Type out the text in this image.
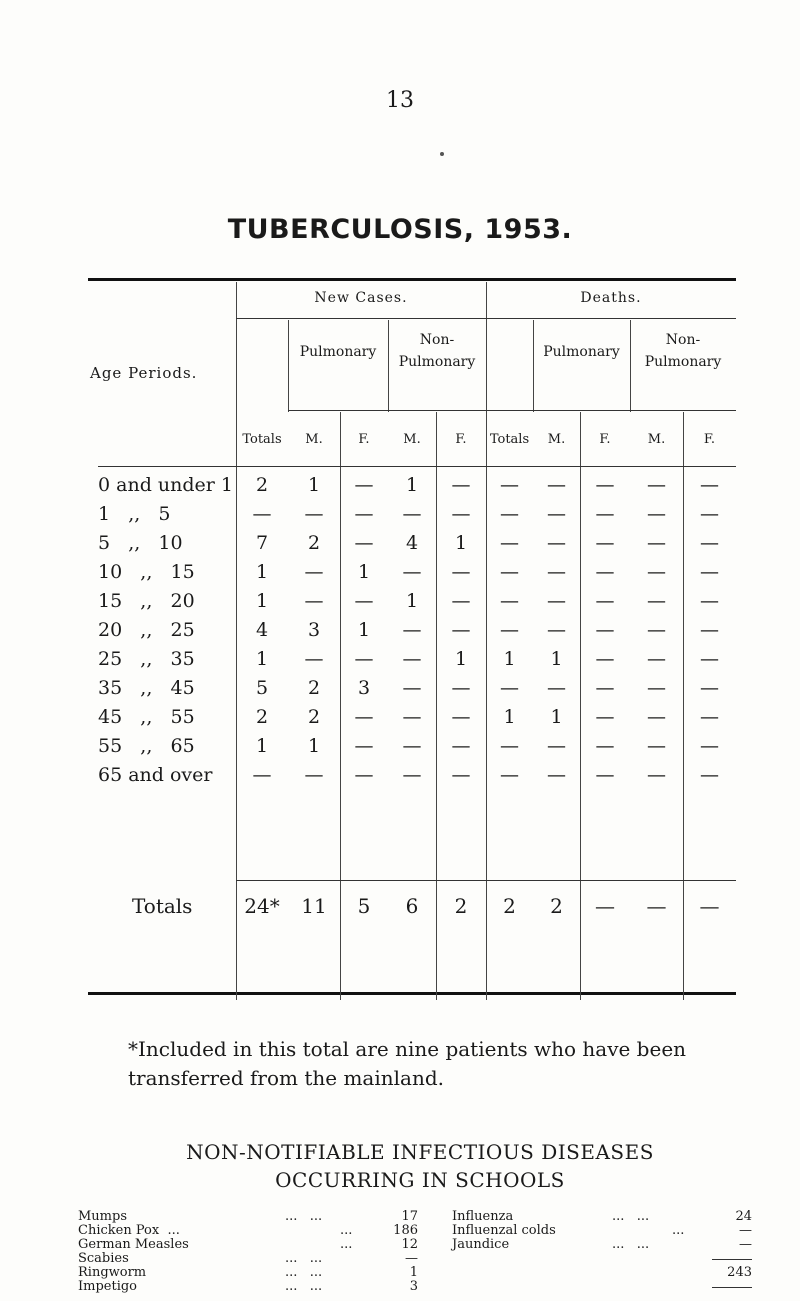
13
TUBERCULOSIS, 1953.
New Cases.	Deaths.
Age Periods.
Pulmonary
Non-
Pulmonary
Pulmonary
Non-
Pulmonary
Totals	M.	F.	M.	F.	Totals	M.	F.	M.	F.
0 and under 1	2	1	—	1	—	—	—	—	—	—
1   ,,   5	—	—	—	—	—	—	—	—	—	—
5   ,,   10	7	2	—	4	1	—	—	—	—	—
10   ,,   15	1	—	1	—	—	—	—	—	—	—
15   ,,   20	1	—	—	1	—	—	—	—	—	—
20   ,,   25	4	3	1	—	—	—	—	—	—	—
25   ,,   35	1	—	—	—	1	1	1	—	—	—
35   ,,   45	5	2	3	—	—	—	—	—	—	—
45   ,,   55	2	2	—	—	—	1	1	—	—	—
55   ,,   65	1	1	—	—	—	—	—	—	—	—
65 and over	—	—	—	—	—	—	—	—	—	—
Totals	24*	11	5	6	2	2	2	—	—	—
*Included in this total are nine patients who have been transferred from the mainland.
NON-NOTIFIABLE INFECTIOUS DISEASES
OCCURRING IN SCHOOLS
Mumps	...   ...	17
Chicken Pox  ...	...	186
German Measles	...	12
Scabies	...   ...	—
Influenza	...   ...	24
Influenzal colds	...	—
Jaundice	...   ...	—
Ringworm	...   ...	1
Impetigo	...   ...	3
243
